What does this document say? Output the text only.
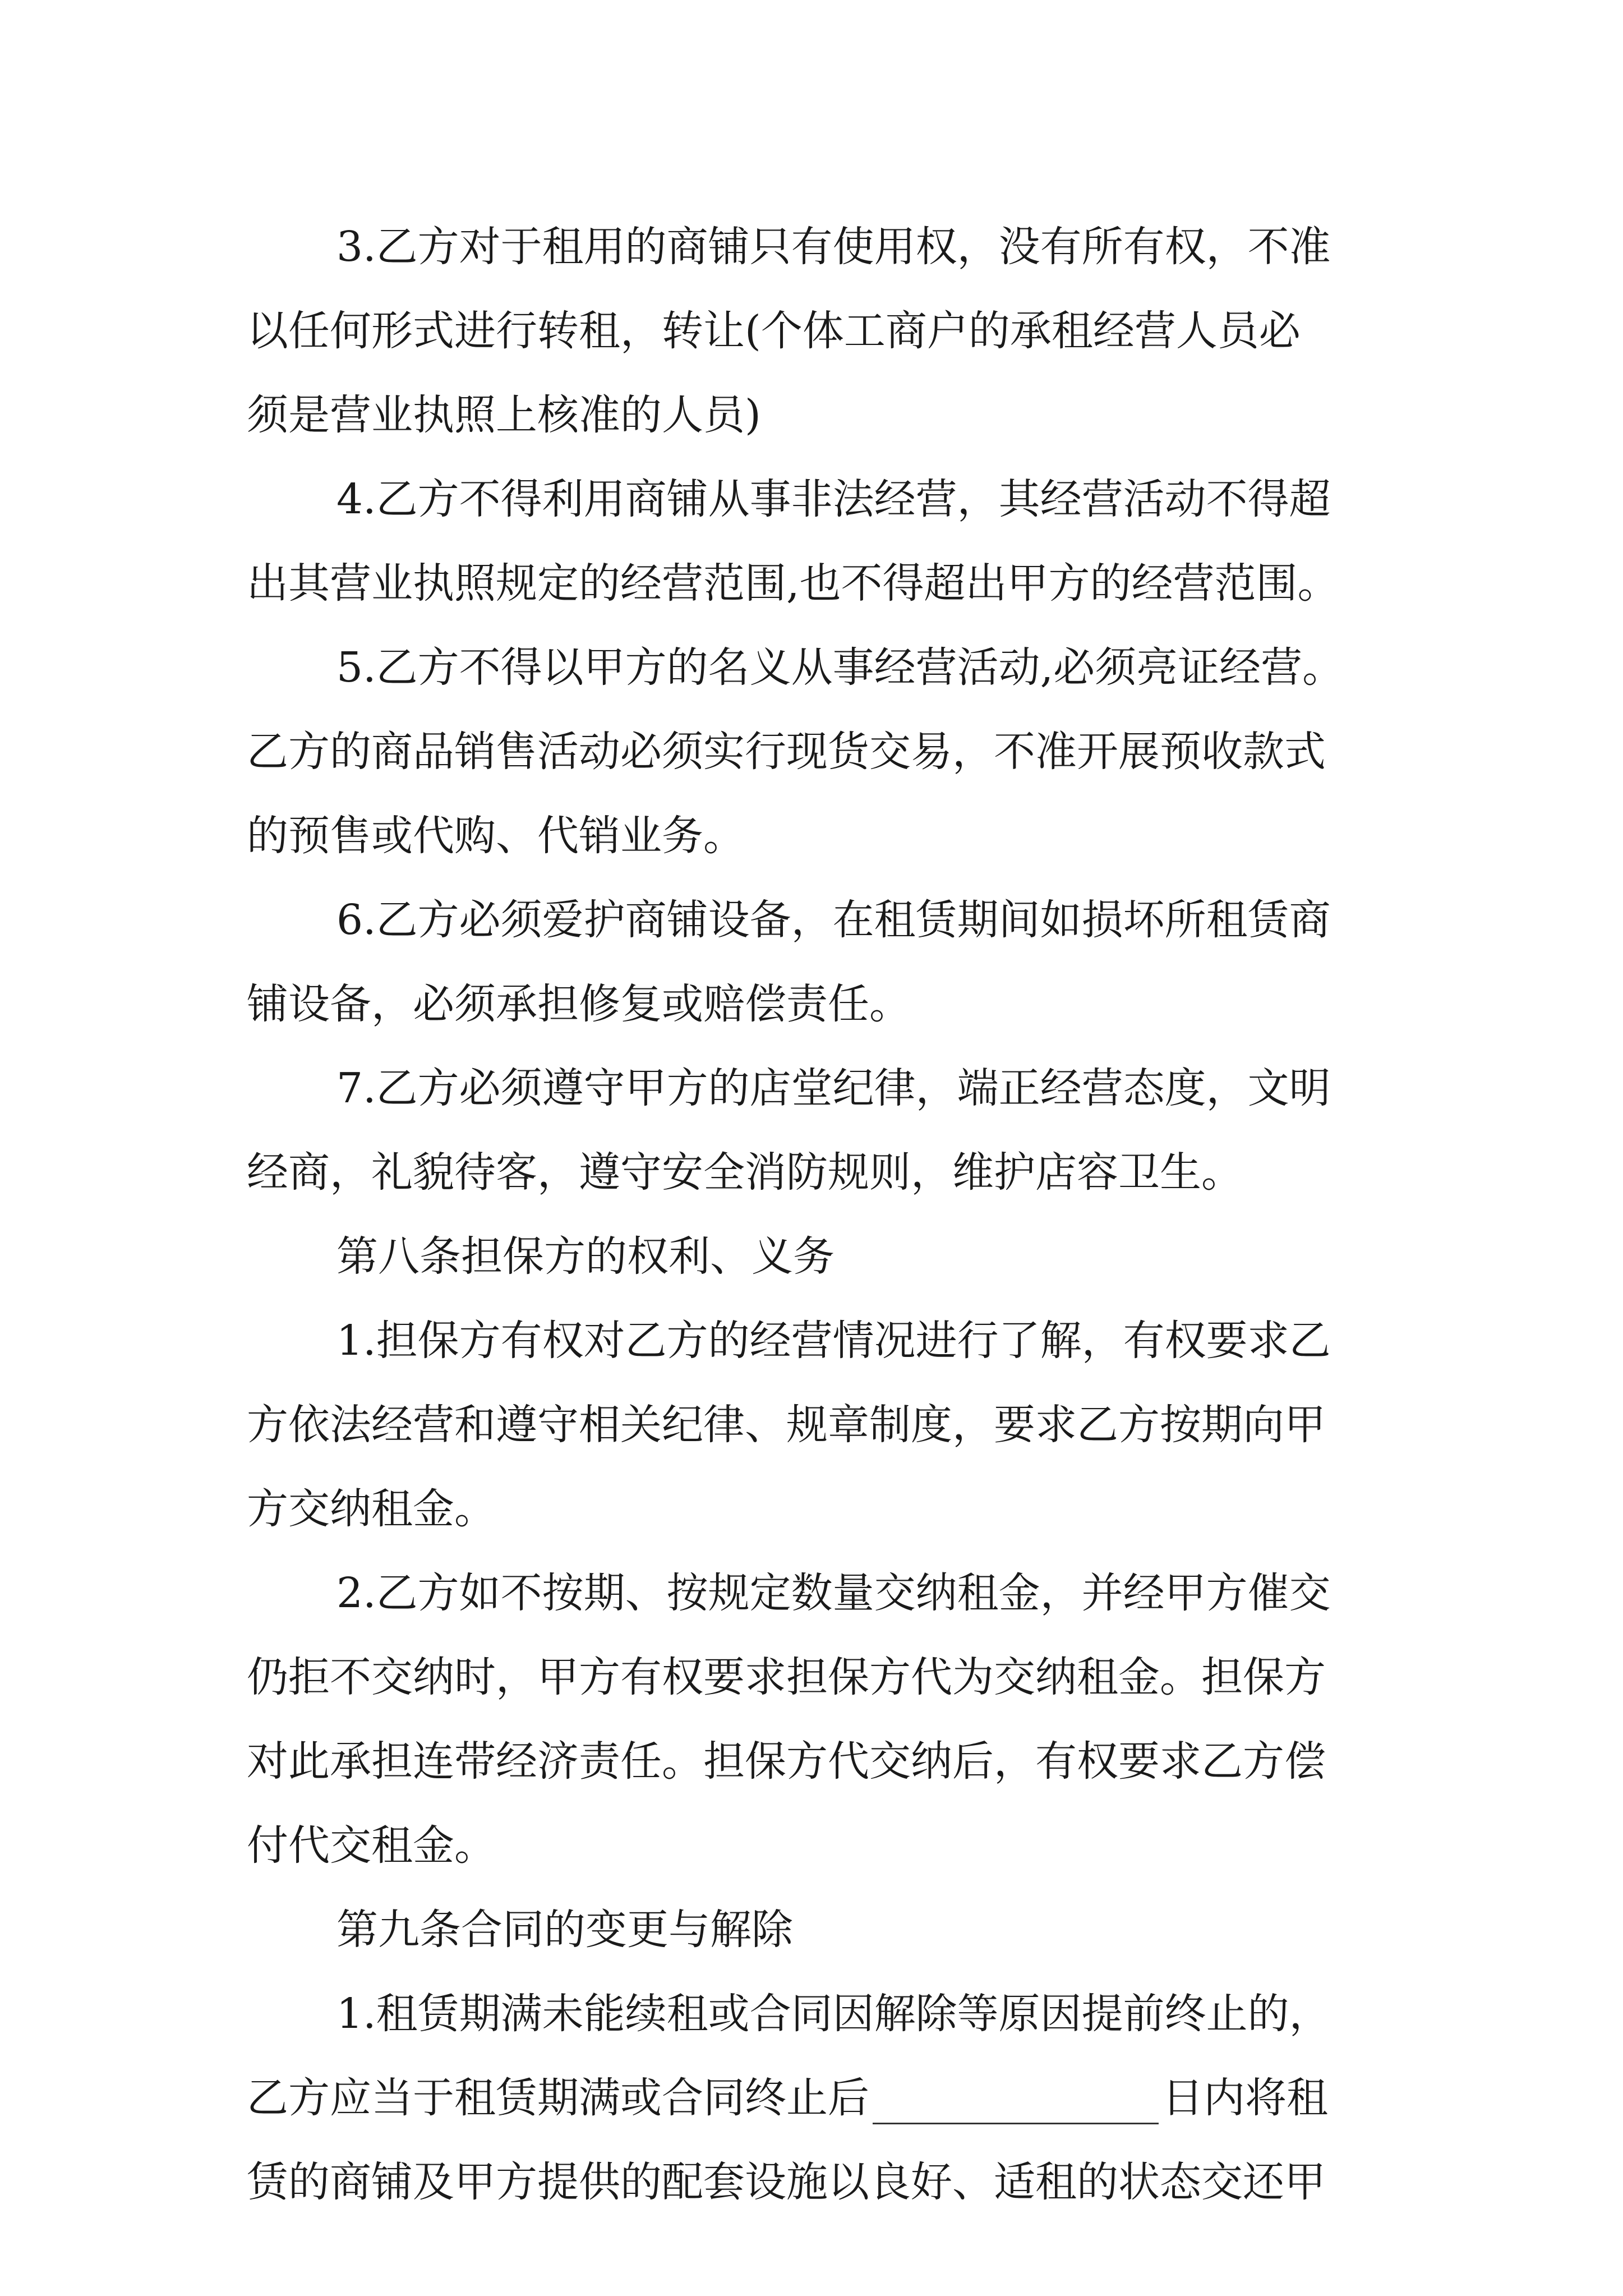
3.乙方对于租用的商铺只有使用权，没有所有权，不准
以任何形式进行转租，转让(个体工商户的承租经营人员必
须是营业执照上核准的人员)
4.乙方不得利用商铺从事非法经营，其经营活动不得超
出其营业执照规定的经营范围,也不得超出甲方的经营范围。
5.乙方不得以甲方的名义从事经营活动,必须亮证经营。
乙方的商品销售活动必须实行现货交易，不准开展预收款式
的预售或代购、代销业务。
6.乙方必须爱护商铺设备，在租赁期间如损坏所租赁商
铺设备，必须承担修复或赔偿责任。
7.乙方必须遵守甲方的店堂纪律，端正经营态度，文明
经商，礼貌待客，遵守安全消防规则，维护店容卫生。
第八条担保方的权利、义务
1.担保方有权对乙方的经营情况进行了解，有权要求乙
方依法经营和遵守相关纪律、规章制度，要求乙方按期向甲
方交纳租金。
2.乙方如不按期、按规定数量交纳租金，并经甲方催交
仍拒不交纳时，甲方有权要求担保方代为交纳租金。担保方
对此承担连带经济责任。担保方代交纳后，有权要求乙方偿
付代交租金。
第九条合同的变更与解除
1.租赁期满未能续租或合同因解除等原因提前终止的，
乙方应当于租赁期满或合同终止后	日内将租
赁的商铺及甲方提供的配套设施以良好、适租的状态交还甲
